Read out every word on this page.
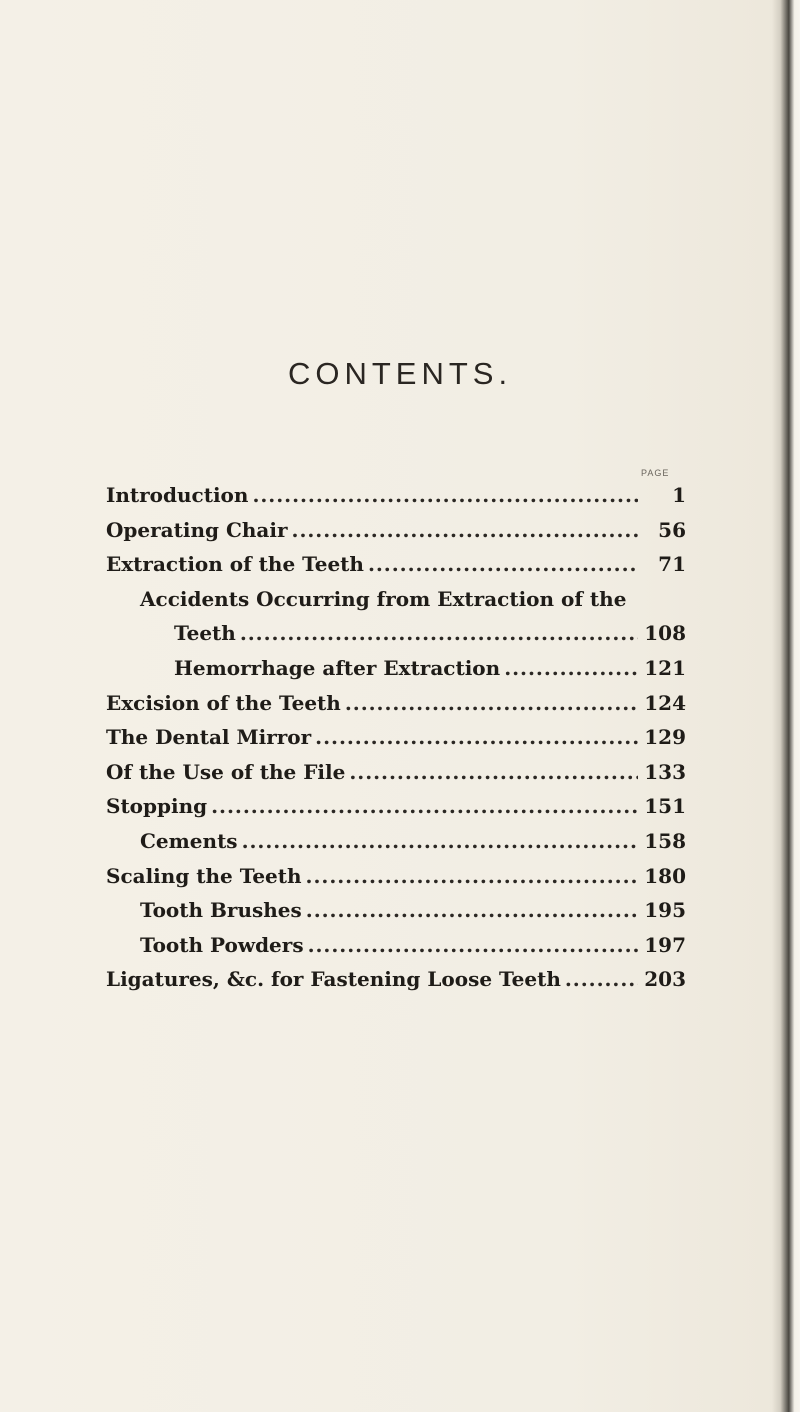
CONTENTS.
PAGE
Introduction . . .	1
Operating Chair . . .	56
Extraction of the Teeth . . .	71
Accidents Occurring from Extraction of the
Teeth . . .	108
Hemorrhage after Extraction . . .	121
Excision of the Teeth . . .	124
The Dental Mirror . . .	129
Of the Use of the File . . .	133
Stopping . . .	151
Cements . . .	158
Scaling the Teeth . . .	180
Tooth Brushes . . .	195
Tooth Powders . . .	197
Ligatures, &c. for Fastening Loose Teeth . . .	203
